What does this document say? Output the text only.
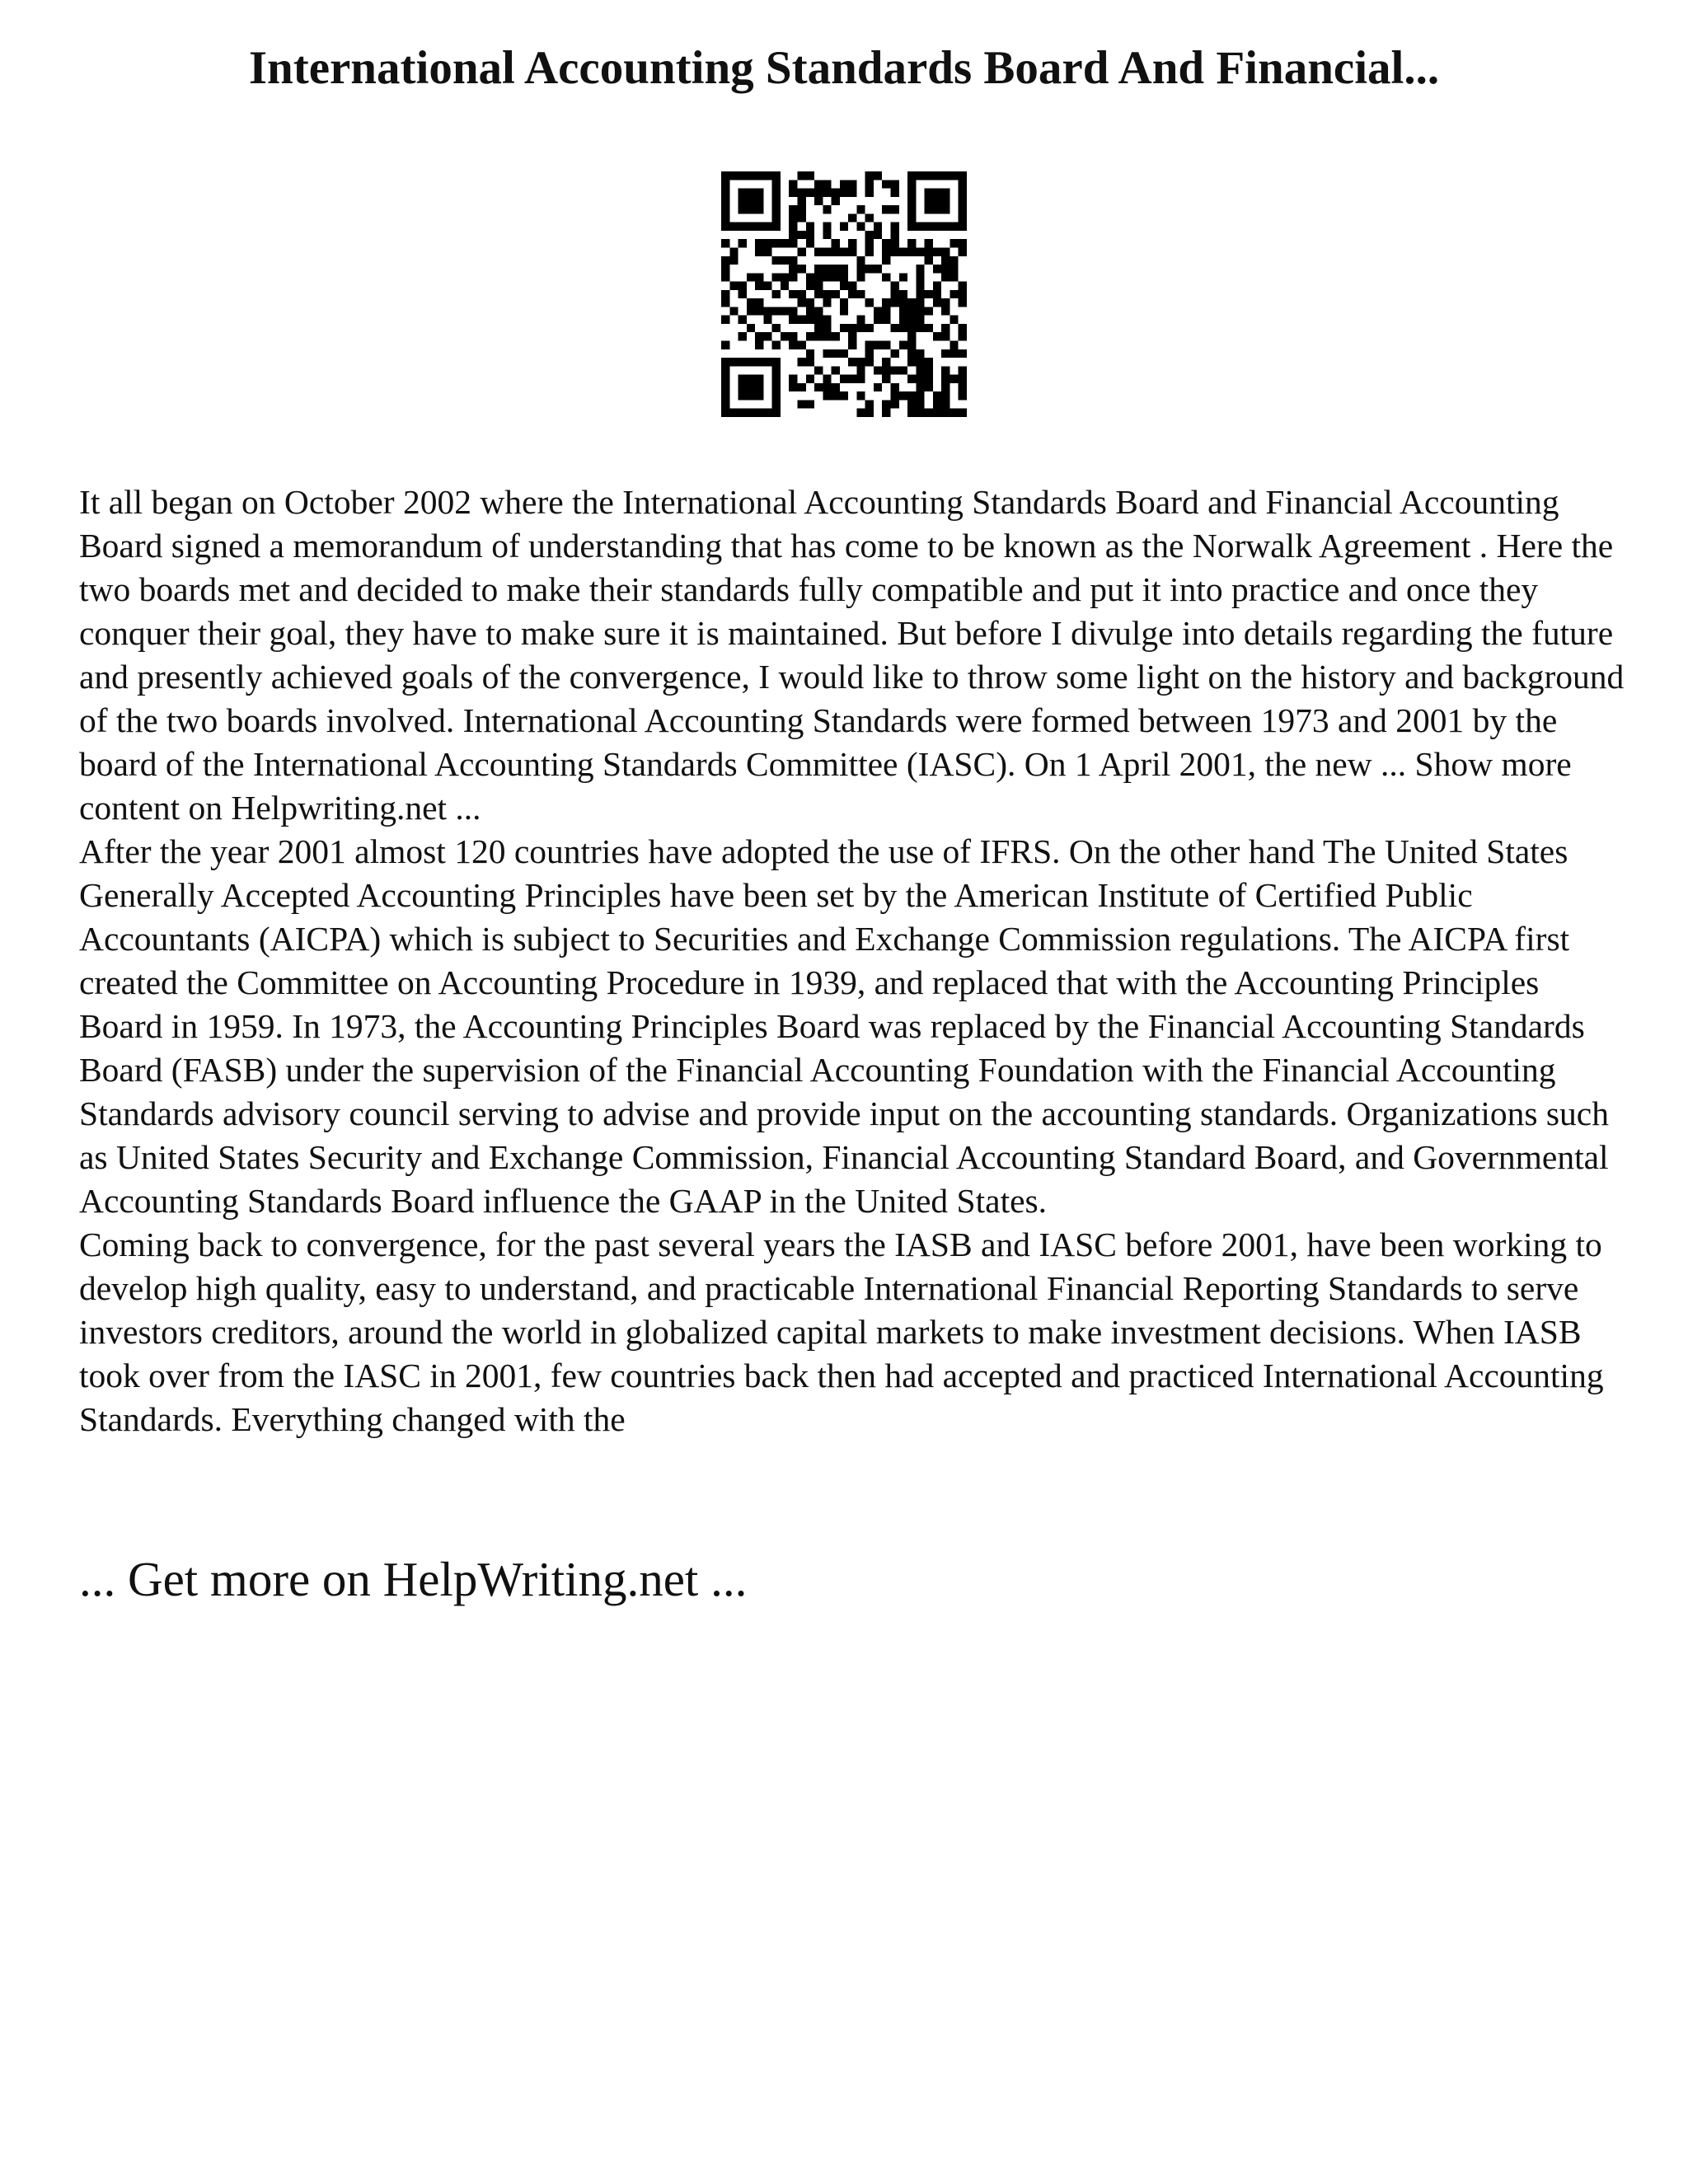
International Accounting Standards Board And Financial...

It all began on October 2002 where the International Accounting Standards Board and Financial Accounting Board signed a memorandum of understanding that has come to be known as the Norwalk Agreement . Here the two boards met and decided to make their standards fully compatible and put it into practice and once they conquer their goal, they have to make sure it is maintained. But before I divulge into details regarding the future and presently achieved goals of the convergence, I would like to throw some light on the history and background of the two boards involved. International Accounting Standards were formed between 1973 and 2001 by the board of the International Accounting Standards Committee (IASC). On 1 April 2001, the new ... Show more content on Helpwriting.net ...

After the year 2001 almost 120 countries have adopted the use of IFRS. On the other hand The United States Generally Accepted Accounting Principles have been set by the American Institute of Certified Public Accountants (AICPA) which is subject to Securities and Exchange Commission regulations. The AICPA first created the Committee on Accounting Procedure in 1939, and replaced that with the Accounting Principles Board in 1959. In 1973, the Accounting Principles Board was replaced by the Financial Accounting Standards Board (FASB) under the supervision of the Financial Accounting Foundation with the Financial Accounting Standards advisory council serving to advise and provide input on the accounting standards. Organizations such as United States Security and Exchange Commission, Financial Accounting Standard Board, and Governmental Accounting Standards Board influence the GAAP in the United States.

Coming back to convergence, for the past several years the IASB and IASC before 2001, have been working to develop high quality, easy to understand, and practicable International Financial Reporting Standards to serve investors creditors, around the world in globalized capital markets to make investment decisions. When IASB took over from the IASC in 2001, few countries back then had accepted and practiced International Accounting Standards. Everything changed with the

... Get more on HelpWriting.net ...
